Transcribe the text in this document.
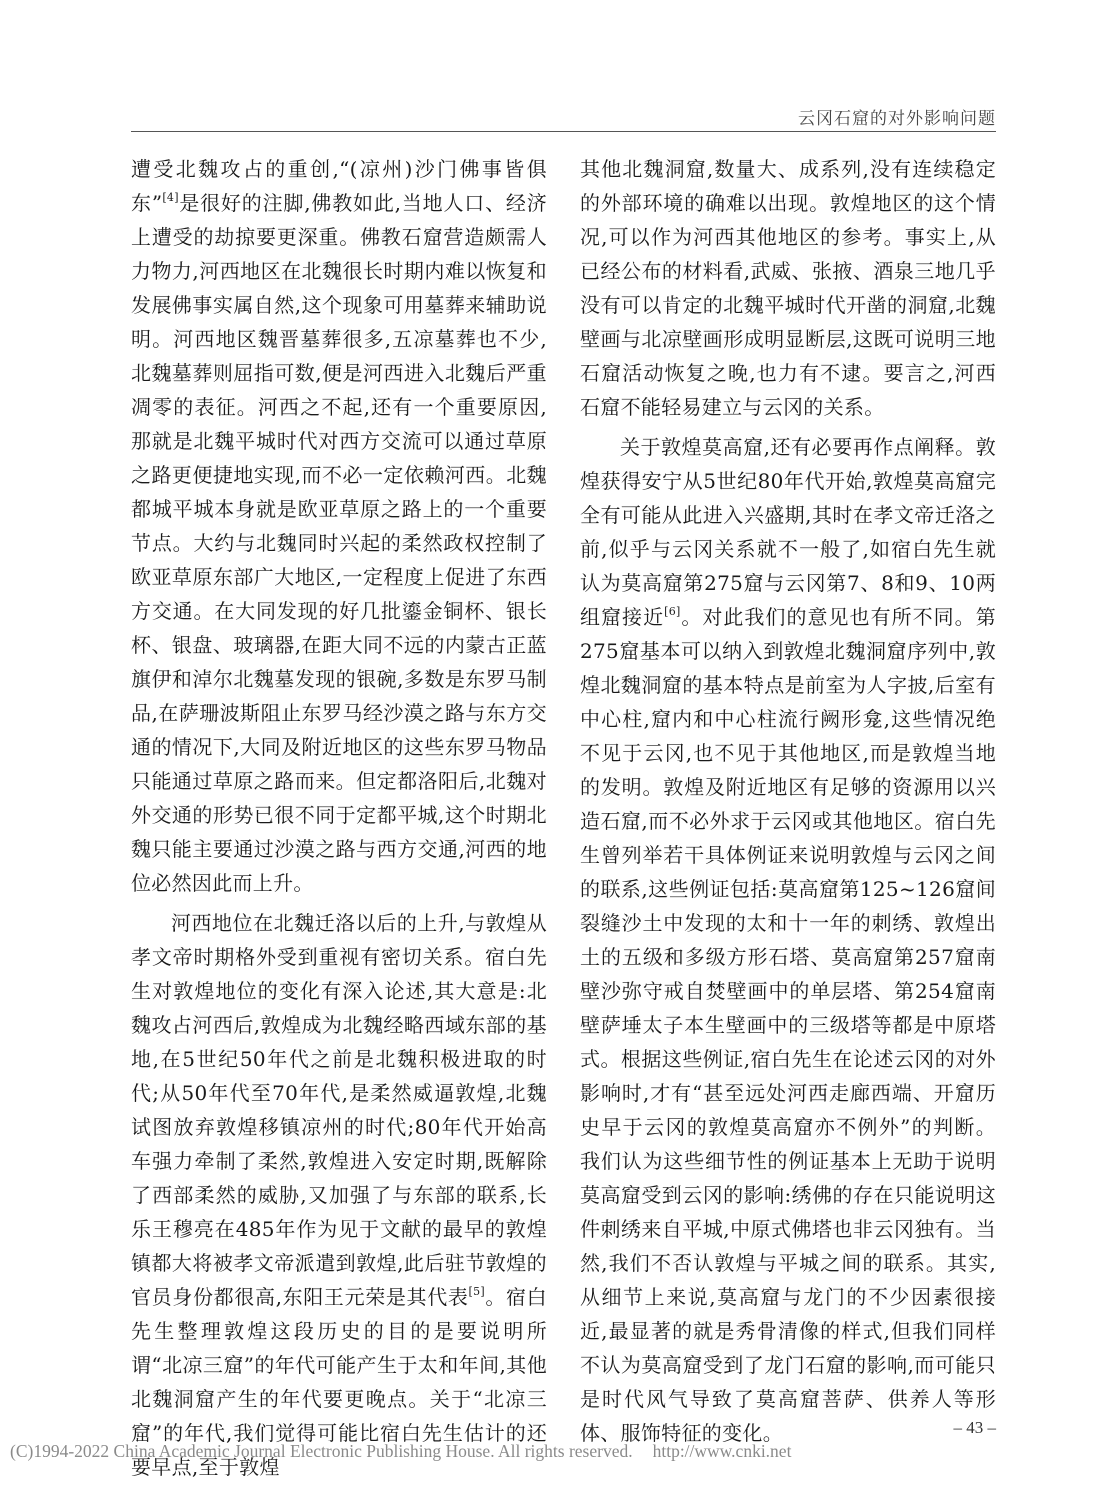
云冈石窟的对外影响问题

遭受北魏攻占的重创,“(凉州)沙门佛事皆俱东”[4]是很好的注脚,佛教如此,当地人口、经济上遭受的劫掠要更深重。佛教石窟营造颇需人力物力,河西地区在北魏很长时期内难以恢复和发展佛事实属自然,这个现象可用墓葬来辅助说明。河西地区魏晋墓葬很多,五凉墓葬也不少,北魏墓葬则屈指可数,便是河西进入北魏后严重凋零的表征。河西之不起,还有一个重要原因,那就是北魏平城时代对西方交流可以通过草原之路更便捷地实现,而不必一定依赖河西。北魏都城平城本身就是欧亚草原之路上的一个重要节点。大约与北魏同时兴起的柔然政权控制了欧亚草原东部广大地区,一定程度上促进了东西方交通。在大同发现的好几批鎏金铜杯、银长杯、银盘、玻璃器,在距大同不远的内蒙古正蓝旗伊和淖尔北魏墓发现的银碗,多数是东罗马制品,在萨珊波斯阻止东罗马经沙漠之路与东方交通的情况下,大同及附近地区的这些东罗马物品只能通过草原之路而来。但定都洛阳后,北魏对外交通的形势已很不同于定都平城,这个时期北魏只能主要通过沙漠之路与西方交通,河西的地位必然因此而上升。

河西地位在北魏迁洛以后的上升,与敦煌从孝文帝时期格外受到重视有密切关系。宿白先生对敦煌地位的变化有深入论述,其大意是:北魏攻占河西后,敦煌成为北魏经略西域东部的基地,在5世纪50年代之前是北魏积极进取的时代;从50年代至70年代,是柔然威逼敦煌,北魏试图放弃敦煌移镇凉州的时代;80年代开始高车强力牵制了柔然,敦煌进入安定时期,既解除了西部柔然的威胁,又加强了与东部的联系,长乐王穆亮在485年作为见于文献的最早的敦煌镇都大将被孝文帝派遣到敦煌,此后驻节敦煌的官员身份都很高,东阳王元荣是其代表[5]。宿白先生整理敦煌这段历史的目的是要说明所谓“北凉三窟”的年代可能产生于太和年间,其他北魏洞窟产生的年代要更晚点。关于“北凉三窟”的年代,我们觉得可能比宿白先生估计的还要早点,至于敦煌

其他北魏洞窟,数量大、成系列,没有连续稳定的外部环境的确难以出现。敦煌地区的这个情况,可以作为河西其他地区的参考。事实上,从已经公布的材料看,武威、张掖、酒泉三地几乎没有可以肯定的北魏平城时代开凿的洞窟,北魏壁画与北凉壁画形成明显断层,这既可说明三地石窟活动恢复之晚,也力有不逮。要言之,河西石窟不能轻易建立与云冈的关系。

关于敦煌莫高窟,还有必要再作点阐释。敦煌获得安宁从5世纪80年代开始,敦煌莫高窟完全有可能从此进入兴盛期,其时在孝文帝迁洛之前,似乎与云冈关系就不一般了,如宿白先生就认为莫高窟第275窟与云冈第7、8和9、10两组窟接近[6]。对此我们的意见也有所不同。第275窟基本可以纳入到敦煌北魏洞窟序列中,敦煌北魏洞窟的基本特点是前室为人字披,后室有中心柱,窟内和中心柱流行阙形龛,这些情况绝不见于云冈,也不见于其他地区,而是敦煌当地的发明。敦煌及附近地区有足够的资源用以兴造石窟,而不必外求于云冈或其他地区。宿白先生曾列举若干具体例证来说明敦煌与云冈之间的联系,这些例证包括:莫高窟第125~126窟间裂缝沙土中发现的太和十一年的刺绣、敦煌出土的五级和多级方形石塔、莫高窟第257窟南壁沙弥守戒自焚壁画中的单层塔、第254窟南壁萨埵太子本生壁画中的三级塔等都是中原塔式。根据这些例证,宿白先生在论述云冈的对外影响时,才有“甚至远处河西走廊西端、开窟历史早于云冈的敦煌莫高窟亦不例外”的判断。我们认为这些细节性的例证基本上无助于说明莫高窟受到云冈的影响:绣佛的存在只能说明这件刺绣来自平城,中原式佛塔也非云冈独有。当然,我们不否认敦煌与平城之间的联系。其实,从细节上来说,莫高窟与龙门的不少因素很接近,最显著的就是秀骨清像的样式,但我们同样不认为莫高窟受到了龙门石窟的影响,而可能只是时代风气导致了莫高窟菩萨、供养人等形体、服饰特征的变化。	– 43 –
(C)1994-2022 China Academic Journal Electronic Publishing House. All rights reserved. http://www.cnki.net
